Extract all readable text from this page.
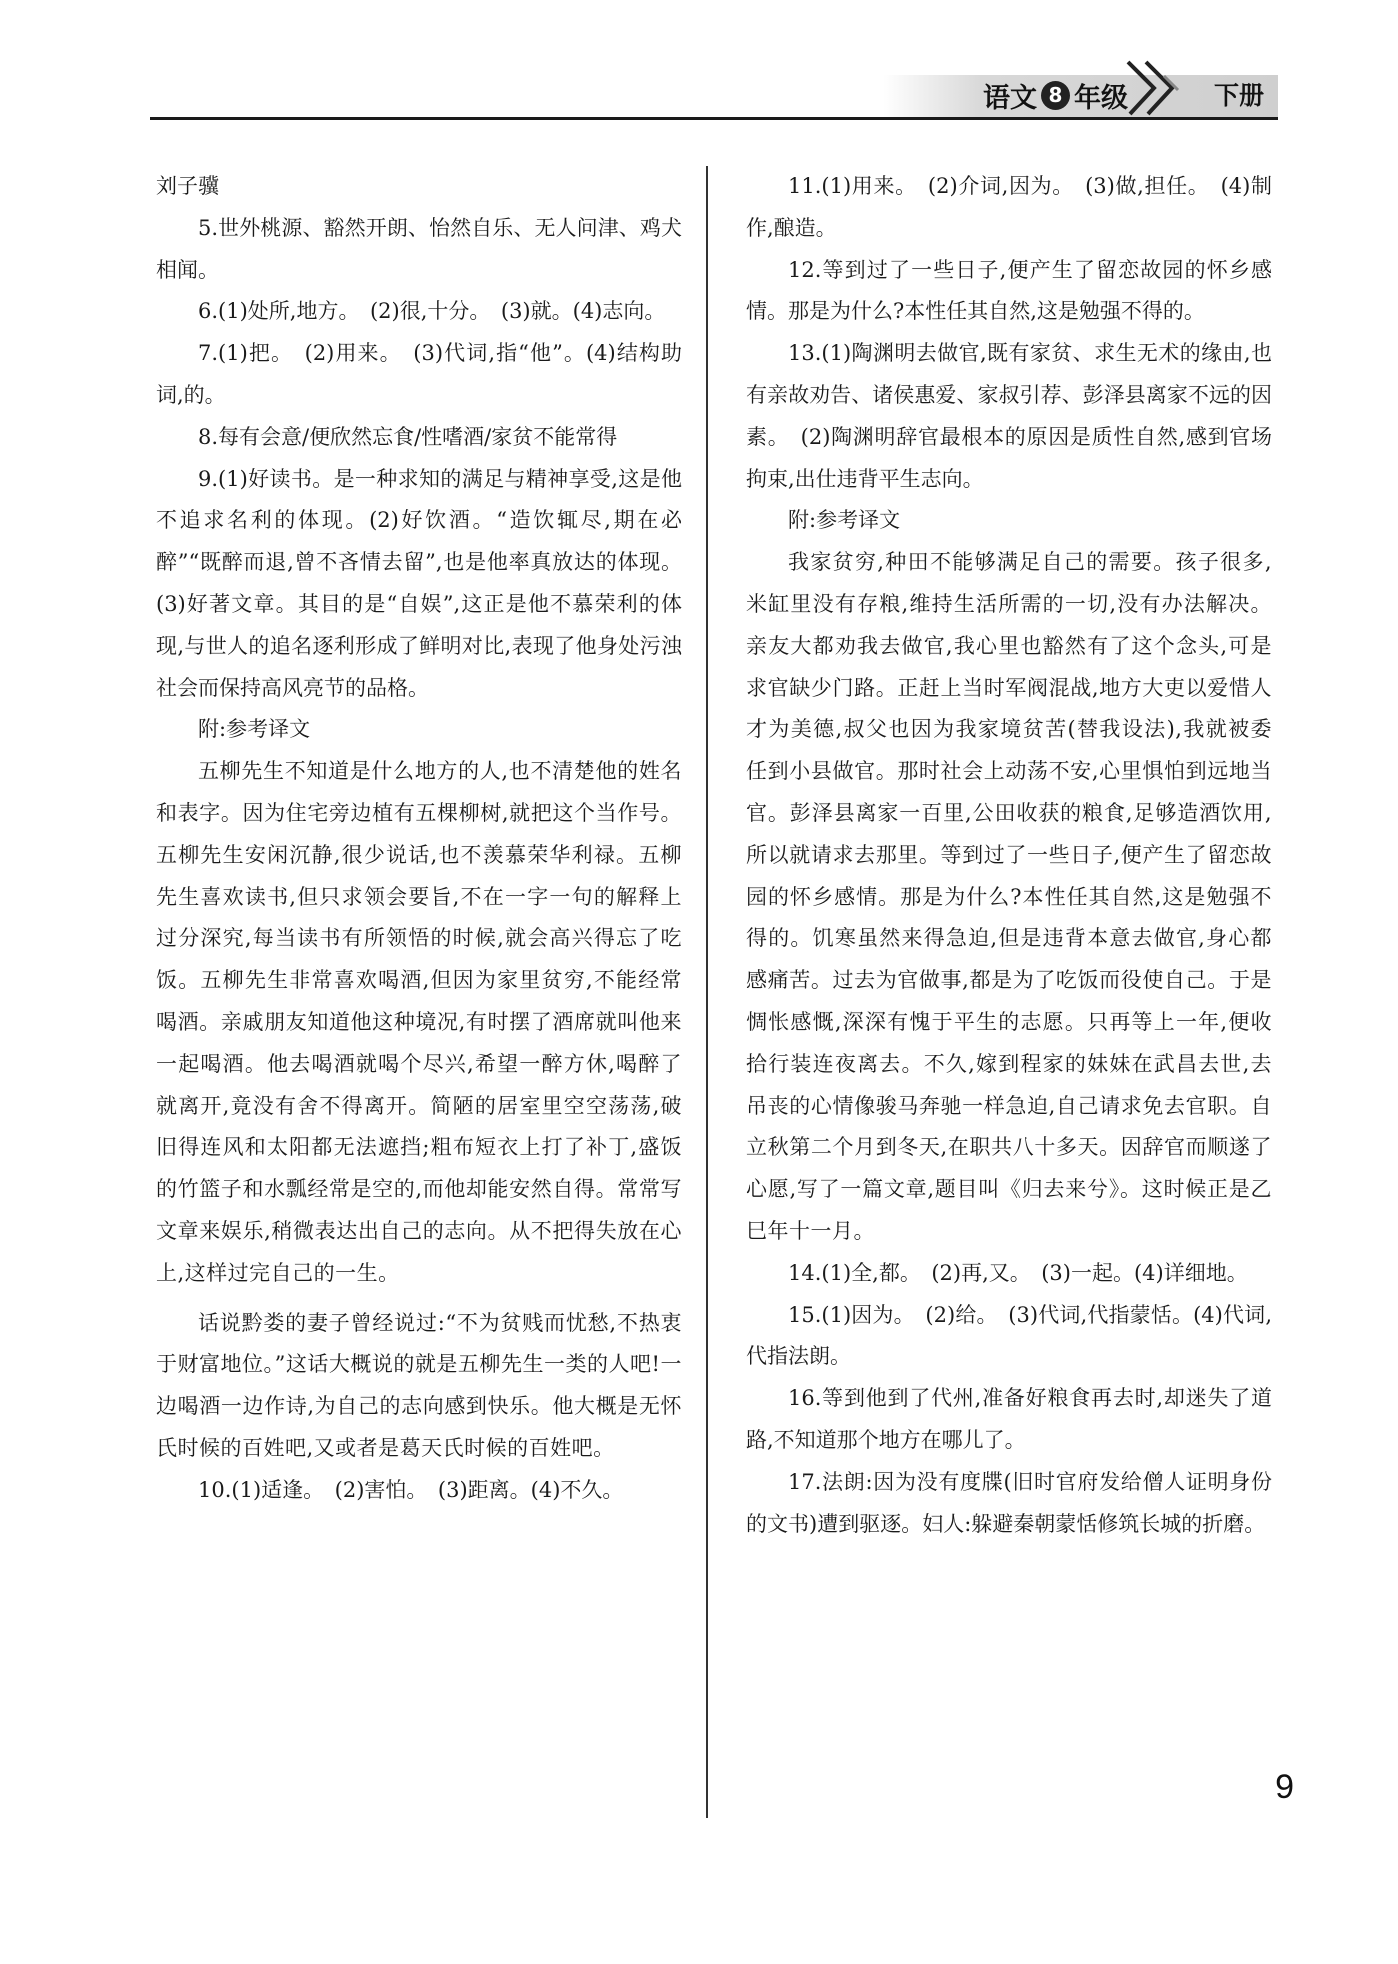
语文 8 年级	下册

刘子骥

5.世外桃源、豁然开朗、怡然自乐、无人问津、鸡犬相闻。

6.(1)处所,地方。　(2)很,十分。　(3)就。(4)志向。

7.(1)把。　(2)用来。　(3)代词,指“他”。(4)结构助词,的。

8.每有会意/便欣然忘食/性嗜酒/家贫不能常得

9.(1)好读书。是一种求知的满足与精神享受,这是他不追求名利的体现。(2)好饮酒。“造饮辄尽,期在必醉”“既醉而退,曾不吝情去留”,也是他率真放达的体现。(3)好著文章。其目的是“自娱”,这正是他不慕荣利的体现,与世人的追名逐利形成了鲜明对比,表现了他身处污浊社会而保持高风亮节的品格。

附:参考译文

五柳先生不知道是什么地方的人,也不清楚他的姓名和表字。因为住宅旁边植有五棵柳树,就把这个当作号。五柳先生安闲沉静,很少说话,也不羡慕荣华利禄。五柳先生喜欢读书,但只求领会要旨,不在一字一句的解释上过分深究,每当读书有所领悟的时候,就会高兴得忘了吃饭。五柳先生非常喜欢喝酒,但因为家里贫穷,不能经常喝酒。亲戚朋友知道他这种境况,有时摆了酒席就叫他来一起喝酒。他去喝酒就喝个尽兴,希望一醉方休,喝醉了就离开,竟没有舍不得离开。简陋的居室里空空荡荡,破旧得连风和太阳都无法遮挡;粗布短衣上打了补丁,盛饭的竹篮子和水瓢经常是空的,而他却能安然自得。常常写文章来娱乐,稍微表达出自己的志向。从不把得失放在心上,这样过完自己的一生。

话说黔娄的妻子曾经说过:“不为贫贱而忧愁,不热衷于财富地位。”这话大概说的就是五柳先生一类的人吧!一边喝酒一边作诗,为自己的志向感到快乐。他大概是无怀氏时候的百姓吧,又或者是葛天氏时候的百姓吧。

10.(1)适逢。　(2)害怕。　(3)距离。(4)不久。

11.(1)用来。　(2)介词,因为。　(3)做,担任。　(4)制作,酿造。

12.等到过了一些日子,便产生了留恋故园的怀乡感情。那是为什么?本性任其自然,这是勉强不得的。

13.(1)陶渊明去做官,既有家贫、求生无术的缘由,也有亲故劝告、诸侯惠爱、家叔引荐、彭泽县离家不远的因素。　(2)陶渊明辞官最根本的原因是质性自然,感到官场拘束,出仕违背平生志向。

附:参考译文

我家贫穷,种田不能够满足自己的需要。孩子很多,米缸里没有存粮,维持生活所需的一切,没有办法解决。亲友大都劝我去做官,我心里也豁然有了这个念头,可是求官缺少门路。正赶上当时军阀混战,地方大吏以爱惜人才为美德,叔父也因为我家境贫苦(替我设法),我就被委任到小县做官。那时社会上动荡不安,心里惧怕到远地当官。彭泽县离家一百里,公田收获的粮食,足够造酒饮用,所以就请求去那里。等到过了一些日子,便产生了留恋故园的怀乡感情。那是为什么?本性任其自然,这是勉强不得的。饥寒虽然来得急迫,但是违背本意去做官,身心都感痛苦。过去为官做事,都是为了吃饭而役使自己。于是惆怅感慨,深深有愧于平生的志愿。只再等上一年,便收拾行装连夜离去。不久,嫁到程家的妹妹在武昌去世,去吊丧的心情像骏马奔驰一样急迫,自己请求免去官职。自立秋第二个月到冬天,在职共八十多天。因辞官而顺遂了心愿,写了一篇文章,题目叫《归去来兮》。这时候正是乙巳年十一月。

14.(1)全,都。　(2)再,又。　(3)一起。(4)详细地。

15.(1)因为。　(2)给。　(3)代词,代指蒙恬。(4)代词,代指法朗。

16.等到他到了代州,准备好粮食再去时,却迷失了道路,不知道那个地方在哪儿了。

17.法朗:因为没有度牒(旧时官府发给僧人证明身份的文书)遭到驱逐。妇人:躲避秦朝蒙恬修筑长城的折磨。

9
